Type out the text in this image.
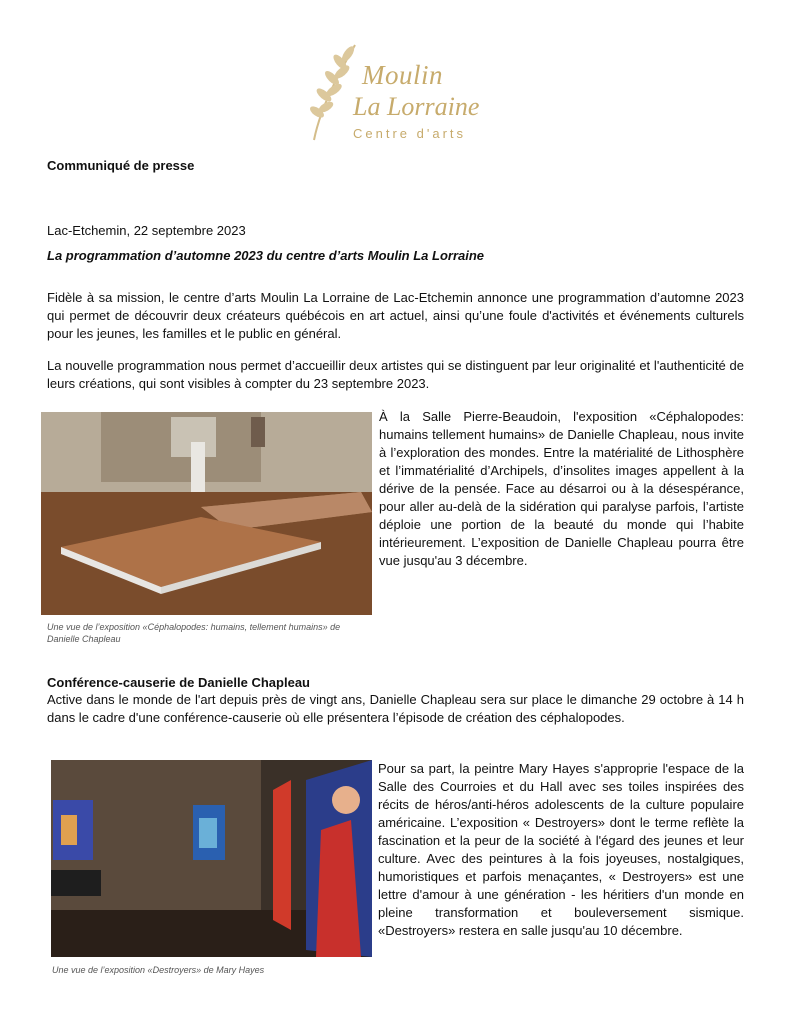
Moulin
La Lorraine
Centre d'arts
Communiqué de presse
Lac-Etchemin, 22 septembre 2023
La programmation d’automne 2023 du centre d’arts Moulin La Lorraine
Fidèle à sa mission, le centre d’arts Moulin La Lorraine de Lac-Etchemin annonce une programmation d’automne 2023 qui permet de découvrir deux créateurs québécois en art actuel, ainsi qu’une foule d'activités et événements culturels pour les jeunes, les familles et le public en général.
La nouvelle programmation nous permet d’accueillir deux artistes qui se distinguent par leur originalité et l'authenticité de leurs créations, qui sont visibles à compter du 23 septembre 2023.
À la Salle Pierre-Beaudoin, l'exposition «Céphalopodes: humains tellement humains» de Danielle Chapleau, nous invite à l’exploration des mondes. Entre la matérialité de Lithosphère et l’immatérialité d’Archipels, d’insolites images appellent à la dérive de la pensée. Face au désarroi ou à la désespérance, pour aller au-delà de la sidération qui paralyse parfois, l’artiste déploie une portion de la beauté du monde qui l’habite intérieurement. L’exposition de Danielle Chapleau pourra être vue jusqu'au 3 décembre.
Une vue de l’exposition «Céphalopodes: humains, tellement humains» de Danielle Chapleau
Conférence-causerie de Danielle Chapleau
Active dans le monde de l'art depuis près de vingt ans, Danielle Chapleau sera sur place le dimanche 29 octobre à 14 h dans le cadre d'une conférence-causerie où elle présentera l’épisode de création des céphalopodes.
Pour sa part, la peintre Mary Hayes s'approprie l'espace de la Salle des Courroies et du Hall avec ses toiles inspirées des récits de héros/anti-héros adolescents de la culture populaire américaine. L’exposition « Destroyers» dont le terme reflète la fascination et la peur de la société à l'égard des jeunes et leur culture. Avec des peintures à la fois joyeuses, nostalgiques, humoristiques et parfois menaçantes, « Destroyers» est une lettre d'amour à une génération - les héritiers d'un monde en pleine transformation et bouleversement sismique. «Destroyers» restera en salle jusqu'au 10 décembre.
Une vue de l’exposition «Destroyers» de Mary Hayes
